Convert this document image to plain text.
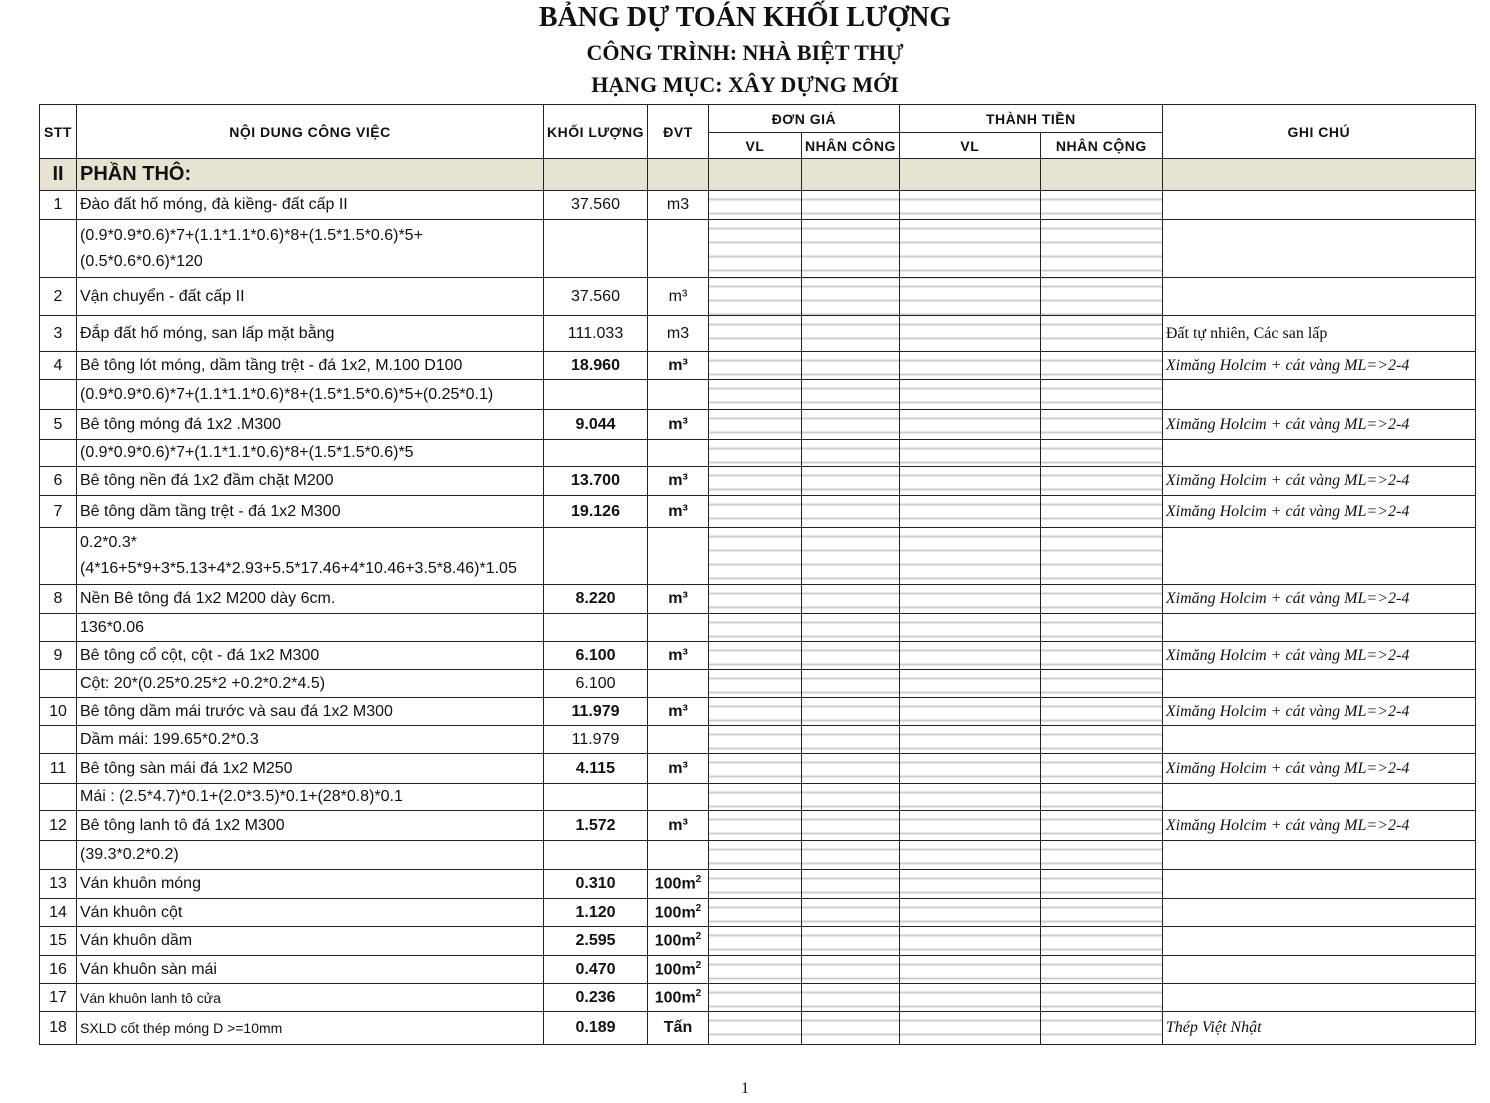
BẢNG DỰ TOÁN KHỐI LƯỢNG
CÔNG TRÌNH: NHÀ BIỆT THỰ
HẠNG MỤC: XÂY DỰNG MỚI
STT	NỘI DUNG CÔNG VIỆC	KHỐI LƯỢNG	ĐVT	ĐƠN GIÁ		THÀNH TIỀN		GHI CHÚ
				VL	NHÂN CÔNG	VL	NHÂN CỘNG	
II	PHẦN THÔ:							
1	Đào đất hố móng, đà kiềng- đất cấp II	37.560	m3					
	(0.9*0.9*0.6)*7+(1.1*1.1*0.6)*8+(1.5*1.5*0.6)*5+(0.5*0.6*0.6)*120							
2	Vận chuyển - đất cấp II	37.560	m³					
3	Đắp đất hố móng, san lấp mặt bằng	111.033	m3					Đất tự nhiên, Các san lấp
4	Bê tông lót móng, dầm tầng trệt - đá 1x2, M.100 D100	18.960	m³					Ximăng Holcim + cát vàng ML=>2-4
	(0.9*0.9*0.6)*7+(1.1*1.1*0.6)*8+(1.5*1.5*0.6)*5+(0.25*0.1)							
5	Bê tông móng đá 1x2 .M300	9.044	m³					Ximăng Holcim + cát vàng ML=>2-4
	(0.9*0.9*0.6)*7+(1.1*1.1*0.6)*8+(1.5*1.5*0.6)*5							
6	Bê tông nền đá 1x2 đầm chặt M200	13.700	m³					Ximăng Holcim + cát vàng ML=>2-4
7	Bê tông dầm tầng trệt - đá 1x2 M300	19.126	m³					Ximăng Holcim + cát vàng ML=>2-4
	0.2*0.3*(4*16+5*9+3*5.13+4*2.93+5.5*17.46+4*10.46+3.5*8.46)*1.05							
8	Nền Bê tông đá 1x2 M200 dày 6cm.	8.220	m³					Ximăng Holcim + cát vàng ML=>2-4
	136*0.06							
9	Bê tông cổ cột, cột - đá 1x2 M300	6.100	m³					Ximăng Holcim + cát vàng ML=>2-4
	Cột: 20*(0.25*0.25*2 +0.2*0.2*4.5)	6.100						
10	Bê tông dầm mái trước và sau đá 1x2 M300	11.979	m³					Ximăng Holcim + cát vàng ML=>2-4
	Dầm mái: 199.65*0.2*0.3	11.979						
11	Bê tông sàn mái đá 1x2 M250	4.115	m³					Ximăng Holcim + cát vàng ML=>2-4
	Mái : (2.5*4.7)*0.1+(2.0*3.5)*0.1+(28*0.8)*0.1							
12	Bê tông lanh tô đá 1x2 M300	1.572	m³					Ximăng Holcim + cát vàng ML=>2-4
	(39.3*0.2*0.2)							
13	Ván khuôn móng	0.310	$100m^2$					
14	Ván khuôn cột	1.120	$100m^2$					
15	Ván khuôn dầm	2.595	$100m^2$					
16	Ván khuôn sàn mái	0.470	$100m^2$					
17	Ván khuôn lanh tô cửa	0.236	$100m^2$					
18	SXLD cốt thép móng D >=10mm	0.189	Tấn					Thép Việt Nhật
1
